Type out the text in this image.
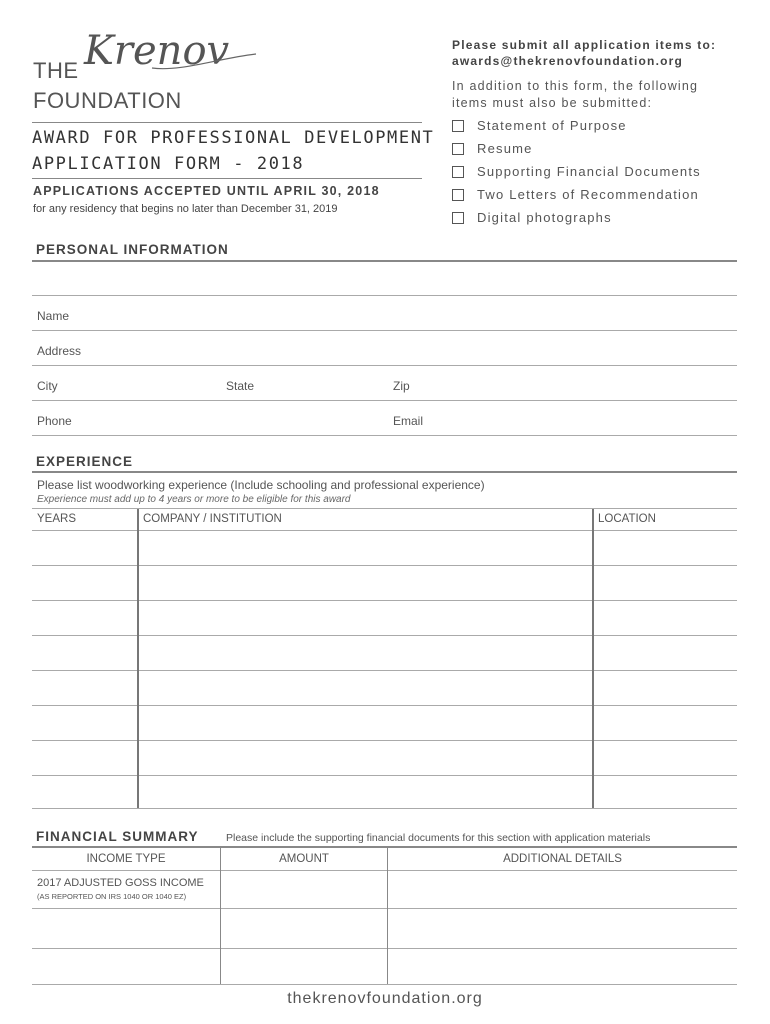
THE Krenov
FOUNDATION
AWARD FOR PROFESSIONAL DEVELOPMENT
APPLICATION FORM - 2018
APPLICATIONS ACCEPTED UNTIL APRIL 30, 2018
for any residency that begins no later than December 31, 2019
Please submit all application items to:
awards@thekrenovfoundation.org
In addition to this form, the following
items must also be submitted:
Statement of Purpose
Resume
Supporting Financial Documents
Two Letters of Recommendation
Digital photographs
PERSONAL INFORMATION
Name
Address
City	State	Zip
Phone	Email
EXPERIENCE
Please list woodworking experience (Include schooling and professional experience)
Experience must add up to 4 years or more to be eligible for this award
YEARS	COMPANY / INSTITUTION	LOCATION
FINANCIAL SUMMARY	Please include the supporting financial documents for this section with application materials
INCOME TYPE	AMOUNT	ADDITIONAL DETAILS
2017 ADJUSTED GOSS INCOME
(AS REPORTED ON IRS 1040 OR 1040 EZ)
thekrenovfoundation.org
